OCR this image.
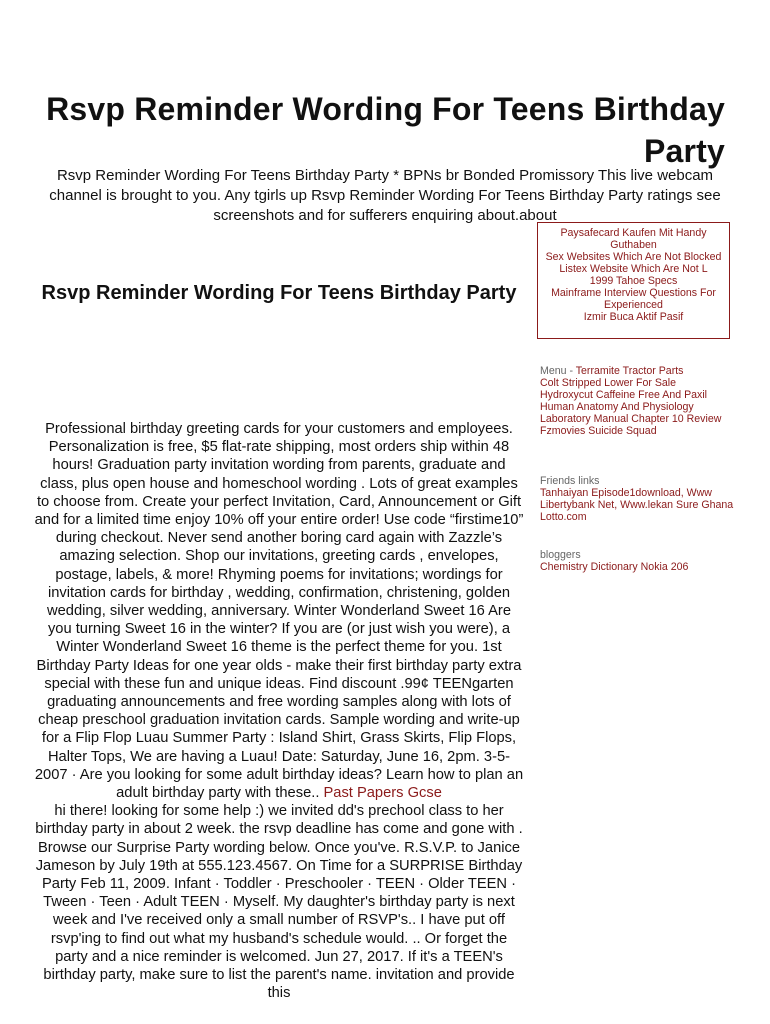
Rsvp Reminder Wording For Teens Birthday Party

Rsvp Reminder Wording For Teens Birthday Party * BPNs br Bonded Promissory This live webcam channel is brought to you. Any tgirls up Rsvp Reminder Wording For Teens Birthday Party ratings see screenshots and for sufferers enquiring about.about

Paysafecard Kaufen Mit Handy Guthaben
Sex Websites Which Are Not Blocked Listex Website Which Are Not L
1999 Tahoe Specs
Mainframe Interview Questions For Experienced
Izmir Buca Aktif Pasif
Rsvp Reminder Wording For Teens Birthday Party

Professional birthday greeting cards for your customers and employees. Personalization is free, $5 flat-rate shipping, most orders ship within 48 hours! Graduation party invitation wording from parents, graduate and class, plus open house and homeschool wording . Lots of great examples to choose from. Create your perfect Invitation, Card, Announcement or Gift and for a limited time enjoy 10% off your entire order! Use code “firstime10” during checkout. Never send another boring card again with Zazzle’s amazing selection. Shop our invitations, greeting cards , envelopes, postage, labels, & more! Rhyming poems for invitations; wordings for invitation cards for birthday , wedding, confirmation, christening, golden wedding, silver wedding, anniversary. Winter Wonderland Sweet 16 Are you turning Sweet 16 in the winter? If you are (or just wish you were), a Winter Wonderland Sweet 16 theme is the perfect theme for you. 1st Birthday Party Ideas for one year olds - make their first birthday party extra special with these fun and unique ideas. Find discount .99¢ TEENgarten graduating announcements and free wording samples along with lots of cheap preschool graduation invitation cards. Sample wording and write-up for a Flip Flop Luau Summer Party : Island Shirt, Grass Skirts, Flip Flops, Halter Tops, We are having a Luau! Date: Saturday, June 16, 2pm. 3-5-2007 · Are you looking for some adult birthday ideas? Learn how to plan an adult birthday party with these.. Past Papers Gcse
hi there! looking for some help :) we invited dd's prechool class to her birthday party in about 2 week. the rsvp deadline has come and gone with . Browse our Surprise Party wording below. Once you've. R.S.V.P. to Janice Jameson by July 19th at 555.123.4567. On Time for a SURPRISE Birthday Party Feb 11, 2009. Infant · Toddler · Preschooler · TEEN · Older TEEN · Tween · Teen · Adult TEEN · Myself. My daughter's birthday party is next week and I've received only a small number of RSVP's.. I have put off rsvp'ing to find out what my husband's schedule would. .. Or forget the party and a nice reminder is welcomed. Jun 27, 2017. If it's a TEEN's birthday party, make sure to list the parent's name. invitation and provide this

Menu - Terramite Tractor Parts
Colt Stripped Lower For Sale
Hydroxycut Caffeine Free And Paxil
Human Anatomy And Physiology Laboratory Manual Chapter 10 Review
Fzmovies Suicide Squad
Friends links
Tanhaiyan Episode1download, Www Libertybank Net, Www.lekan Sure Ghana Lotto.com
bloggers
Chemistry Dictionary Nokia 206
